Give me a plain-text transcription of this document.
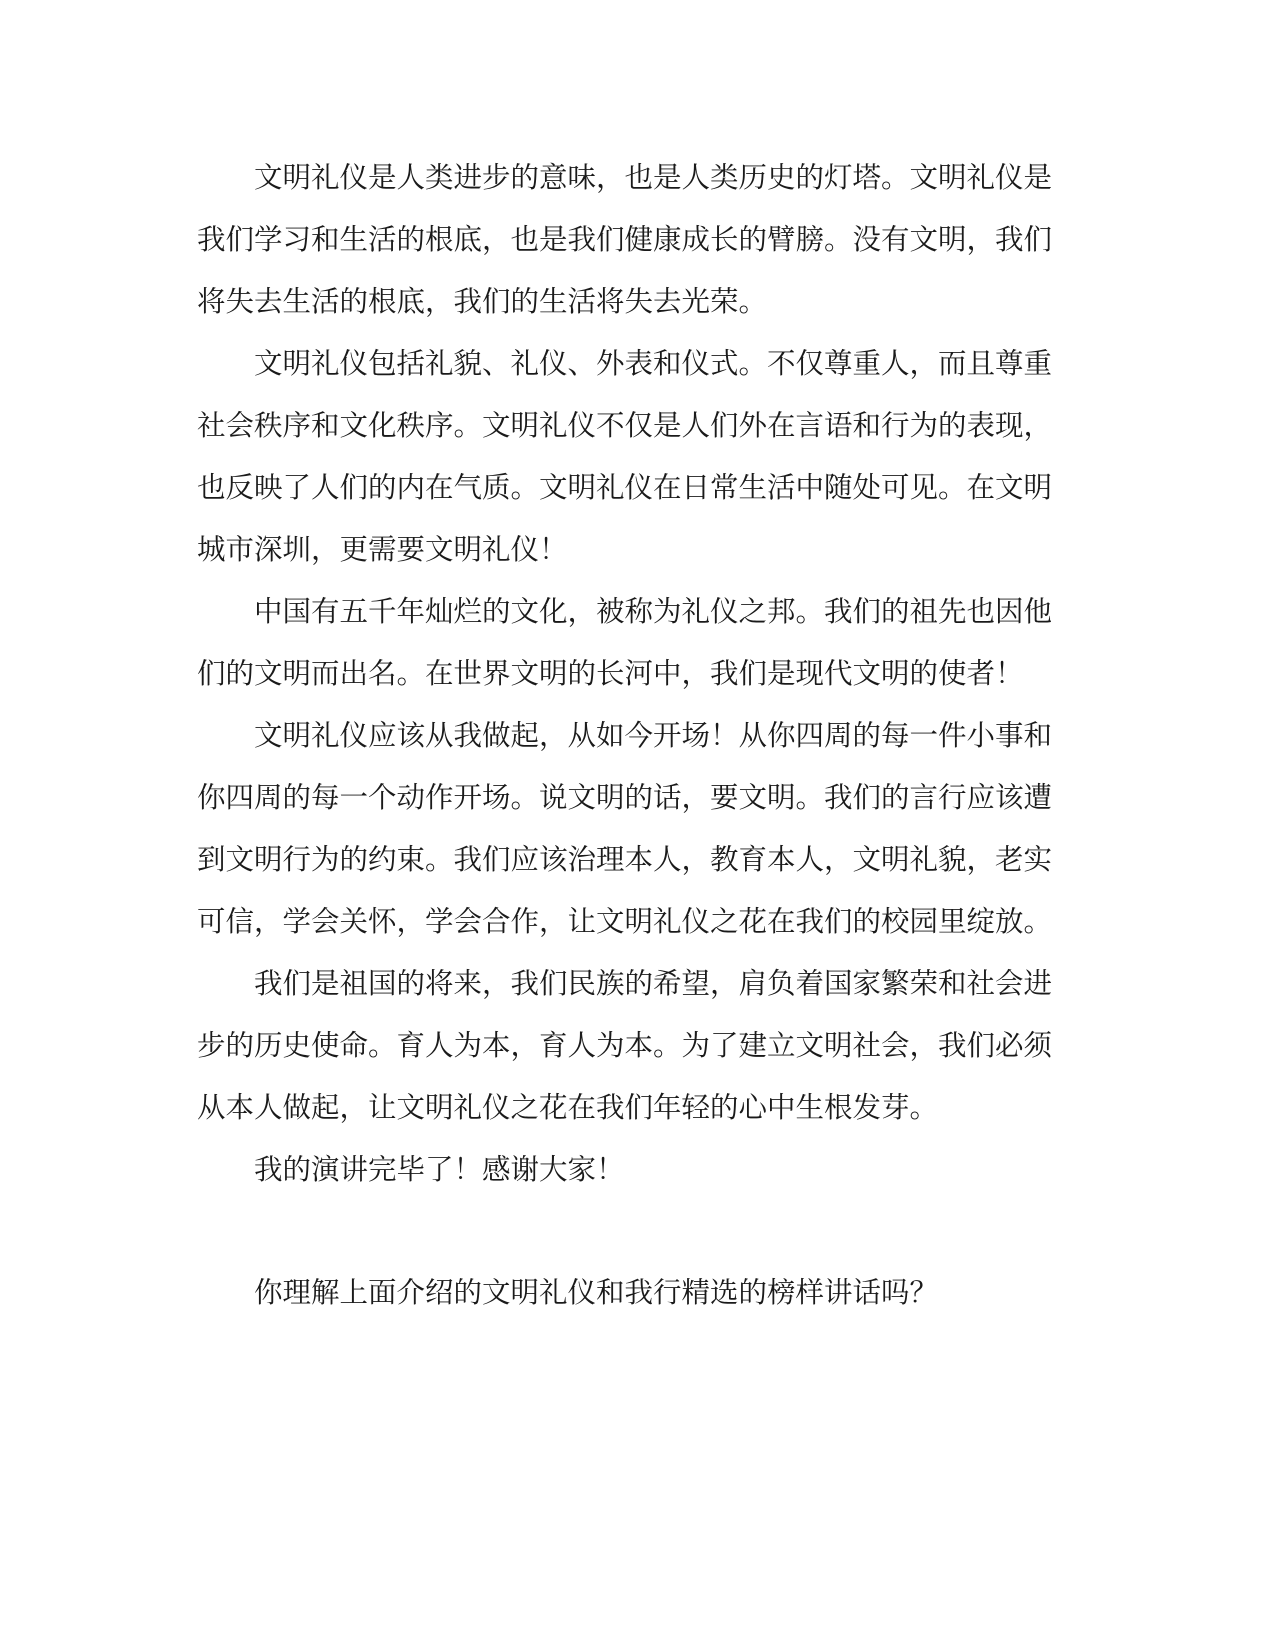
文明礼仪是人类进步的意味，也是人类历史的灯塔。文明礼仪是

我们学习和生活的根底，也是我们健康成长的臂膀。没有文明，我们

将失去生活的根底，我们的生活将失去光荣。

文明礼仪包括礼貌、礼仪、外表和仪式。不仅尊重人，而且尊重

社会秩序和文化秩序。文明礼仪不仅是人们外在言语和行为的表现，

也反映了人们的内在气质。文明礼仪在日常生活中随处可见。在文明

城市深圳，更需要文明礼仪！

中国有五千年灿烂的文化，被称为礼仪之邦。我们的祖先也因他

们的文明而出名。在世界文明的长河中，我们是现代文明的使者！

文明礼仪应该从我做起，从如今开场！从你四周的每一件小事和

你四周的每一个动作开场。说文明的话，要文明。我们的言行应该遭

到文明行为的约束。我们应该治理本人，教育本人，文明礼貌，老实

可信，学会关怀，学会合作，让文明礼仪之花在我们的校园里绽放。

我们是祖国的将来，我们民族的希望，肩负着国家繁荣和社会进

步的历史使命。育人为本，育人为本。为了建立文明社会，我们必须

从本人做起，让文明礼仪之花在我们年轻的心中生根发芽。

我的演讲完毕了！感谢大家！

你理解上面介绍的文明礼仪和我行精选的榜样讲话吗？
